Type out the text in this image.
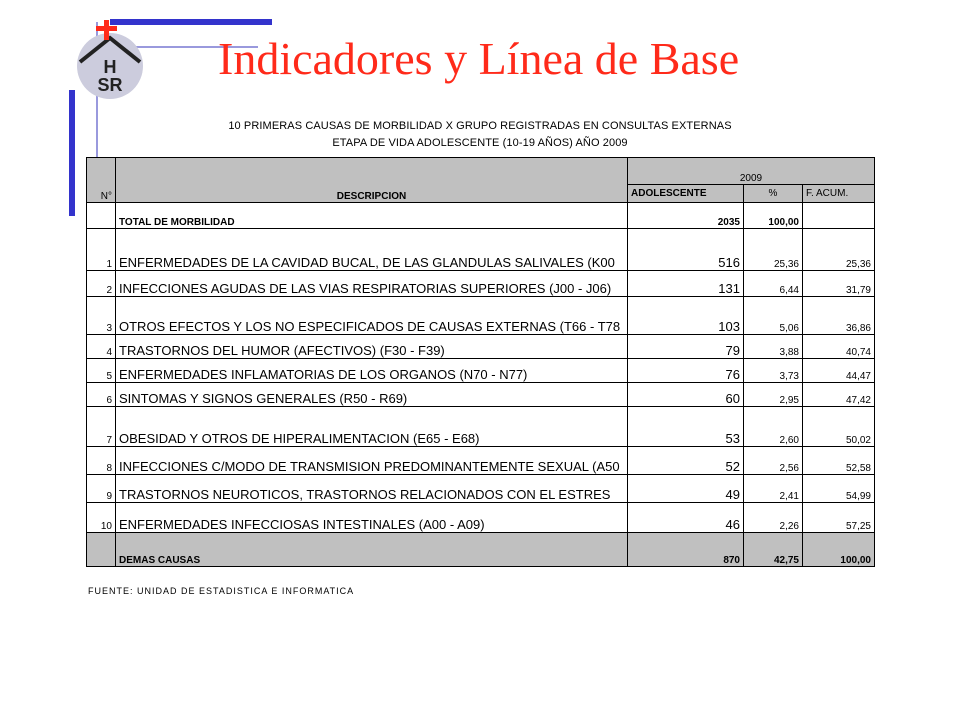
H
SR
Indicadores y Línea de Base
10 PRIMERAS CAUSAS DE MORBILIDAD X GRUPO REGISTRADAS EN CONSULTAS EXTERNAS
ETAPA DE VIDA ADOLESCENTE (10-19 AÑOS) AÑO 2009
N°	DESCRIPCION	2009		
		ADOLESCENTE	%	F. ACUM.
	TOTAL DE MORBILIDAD	2035	100,00	
1	ENFERMEDADES DE LA CAVIDAD BUCAL, DE LAS GLANDULAS SALIVALES (K00	516	25,36	25,36
2	INFECCIONES AGUDAS DE LAS VIAS RESPIRATORIAS SUPERIORES (J00 - J06)	131	6,44	31,79
3	OTROS EFECTOS Y LOS NO ESPECIFICADOS DE CAUSAS EXTERNAS (T66 - T78	103	5,06	36,86
4	TRASTORNOS DEL HUMOR (AFECTIVOS) (F30 - F39)	79	3,88	40,74
5	ENFERMEDADES INFLAMATORIAS DE LOS ORGANOS (N70 - N77)	76	3,73	44,47
6	SINTOMAS Y SIGNOS GENERALES (R50 - R69)	60	2,95	47,42
7	OBESIDAD Y OTROS DE HIPERALIMENTACION (E65 - E68)	53	2,60	50,02
8	INFECCIONES C/MODO DE TRANSMISION PREDOMINANTEMENTE SEXUAL (A50	52	2,56	52,58
9	TRASTORNOS NEUROTICOS, TRASTORNOS RELACIONADOS CON EL ESTRES	49	2,41	54,99
10	ENFERMEDADES INFECCIOSAS INTESTINALES (A00 - A09)	46	2,26	57,25
	DEMAS CAUSAS	870	42,75	100,00
FUENTE: UNIDAD DE ESTADISTICA E INFORMATICA
